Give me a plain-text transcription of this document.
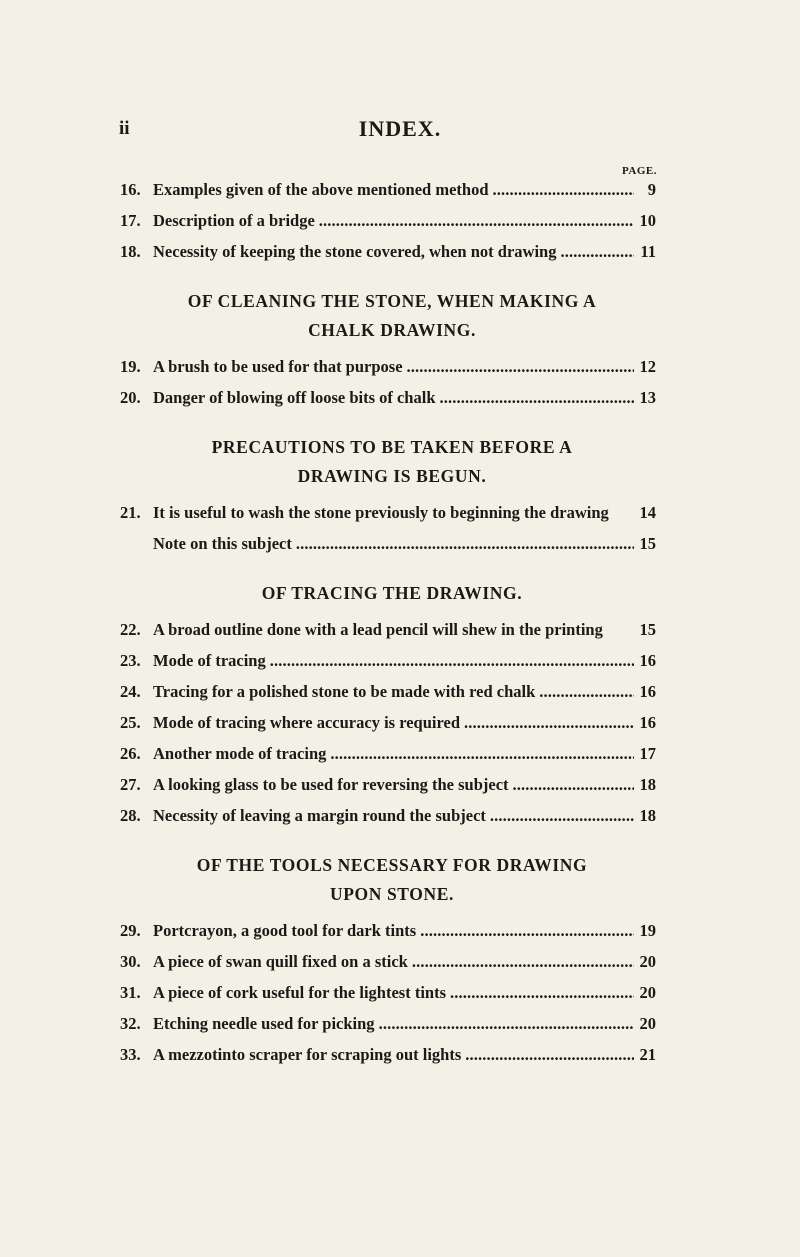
ii	INDEX.
PAGE.
16. Examples given of the above mentioned method . . .	9
17. Description of a bridge . . .	10
18. Necessity of keeping the stone covered, when not drawing . . .	11
OF CLEANING THE STONE, WHEN MAKING A
CHALK DRAWING.
19. A brush to be used for that purpose . . .	12
20. Danger of blowing off loose bits of chalk . . .	13
PRECAUTIONS TO BE TAKEN BEFORE A
DRAWING IS BEGUN.
21. It is useful to wash the stone previously to beginning the drawing	14
Note on this subject . . .	15
OF TRACING THE DRAWING.
22. A broad outline done with a lead pencil will shew in the printing	15
23. Mode of tracing . . .	16
24. Tracing for a polished stone to be made with red chalk . . .	16
25. Mode of tracing where accuracy is required . . .	16
26. Another mode of tracing . . .	17
27. A looking glass to be used for reversing the subject . . .	18
28. Necessity of leaving a margin round the subject . . .	18
OF THE TOOLS NECESSARY FOR DRAWING
UPON STONE.
29. Portcrayon, a good tool for dark tints . . .	19
30. A piece of swan quill fixed on a stick . . .	20
31. A piece of cork useful for the lightest tints . . .	20
32. Etching needle used for picking . . .	20
33. A mezzotinto scraper for scraping out lights . . .	21
